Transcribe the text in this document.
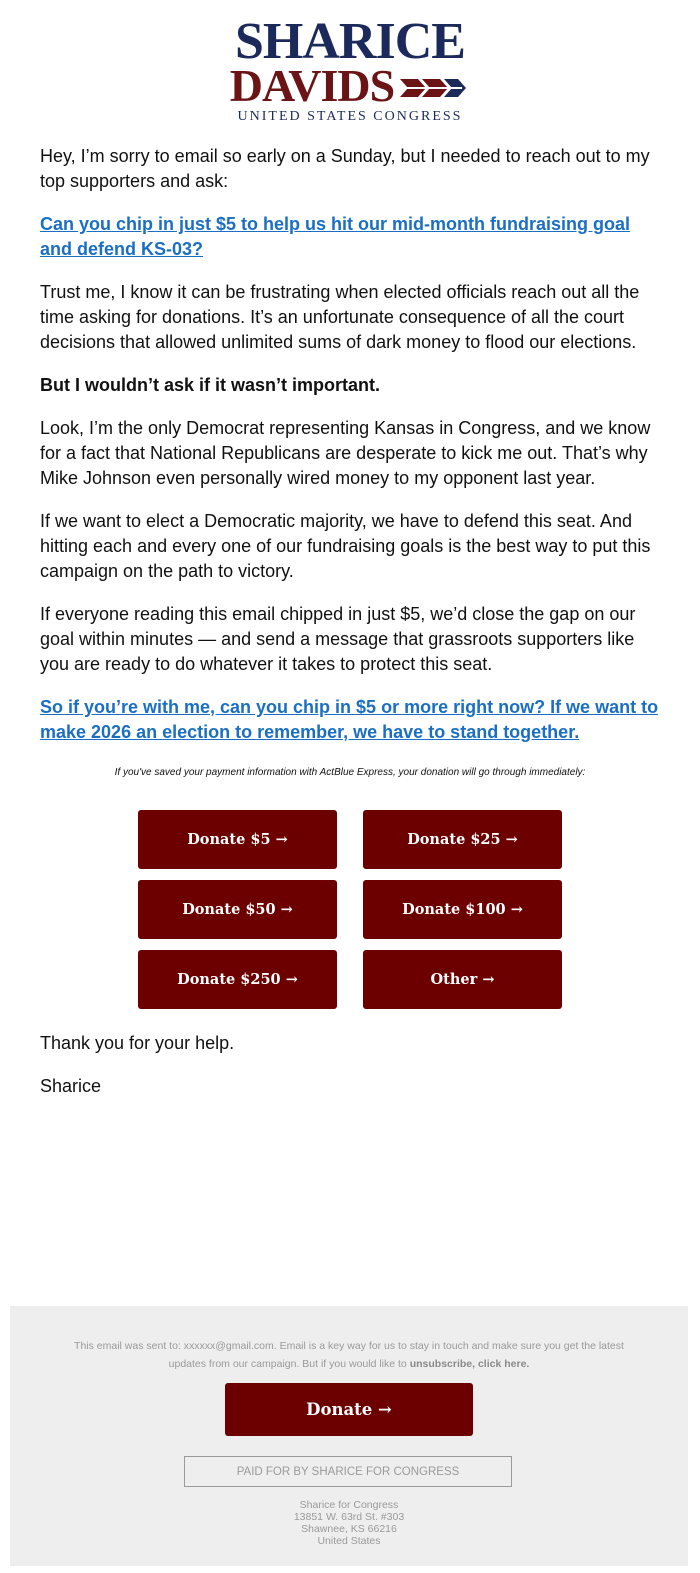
SHARICE
DAVIDS
UNITED STATES CONGRESS

Hey, I’m sorry to email so early on a Sunday, but I needed to reach out to my top supporters and ask:

Can you chip in just $5 to help us hit our mid-month fundraising goal and defend KS-03?

Trust me, I know it can be frustrating when elected officials reach out all the time asking for donations. It’s an unfortunate consequence of all the court decisions that allowed unlimited sums of dark money to flood our elections.

But I wouldn’t ask if it wasn’t important.

Look, I’m the only Democrat representing Kansas in Congress, and we know for a fact that National Republicans are desperate to kick me out. That’s why Mike Johnson even personally wired money to my opponent last year.

If we want to elect a Democratic majority, we have to defend this seat. And hitting each and every one of our fundraising goals is the best way to put this campaign on the path to victory.

If everyone reading this email chipped in just $5, we’d close the gap on our goal within minutes — and send a message that grassroots supporters like you are ready to do whatever it takes to protect this seat.

So if you’re with me, can you chip in $5 or more right now? If we want to make 2026 an election to remember, we have to stand together.

If you've saved your payment information with ActBlue Express, your donation will go through immediately:
Donate $5 →	Donate $25 →
Donate $50 →	Donate $100 →
Donate $250 →	Other →

Thank you for your help.

Sharice

This email was sent to: xxxxxx@gmail.com. Email is a key way for us to stay in touch and make sure you get the latest updates from our campaign. But if you would like to unsubscribe, click here.
Donate →
PAID FOR BY SHARICE FOR CONGRESS
Sharice for Congress
13851 W. 63rd St. #303
Shawnee, KS 66216
United States
